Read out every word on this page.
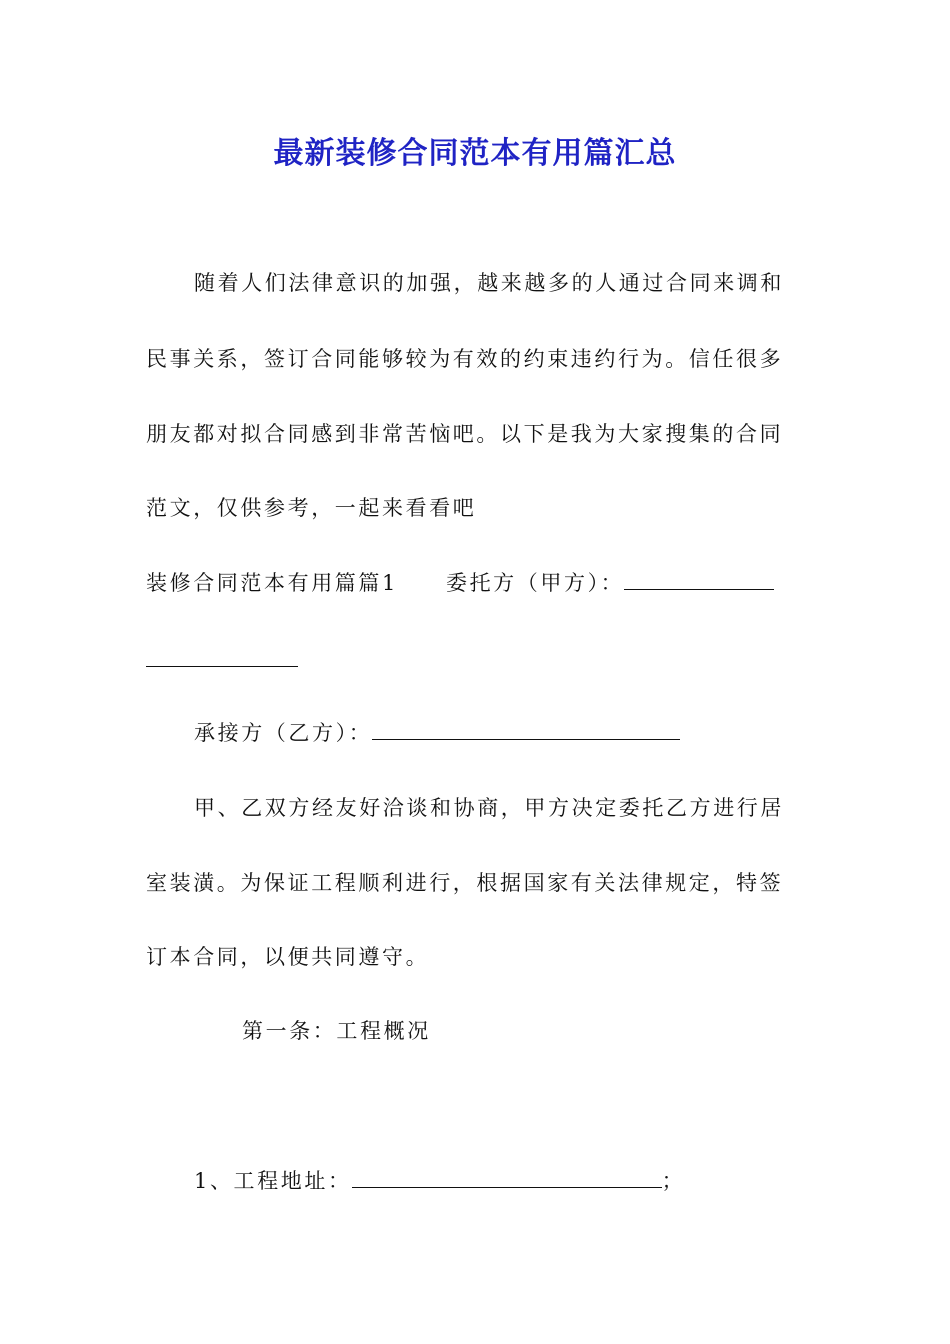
最新装修合同范本有用篇汇总
随着人们法律意识的加强，越来越多的人通过合同来调和
民事关系，签订合同能够较为有效的约束违约行为。信任很多
朋友都对拟合同感到非常苦恼吧。以下是我为大家搜集的合同
范文，仅供参考，一起来看看吧
装修合同范本有用篇篇1 委托方（甲方）：
承接方（乙方）：
甲、乙双方经友好洽谈和协商，甲方决定委托乙方进行居
室装潢。为保证工程顺利进行，根据国家有关法律规定，特签
订本合同，以便共同遵守。
第一条：工程概况
1、工程地址：	；
